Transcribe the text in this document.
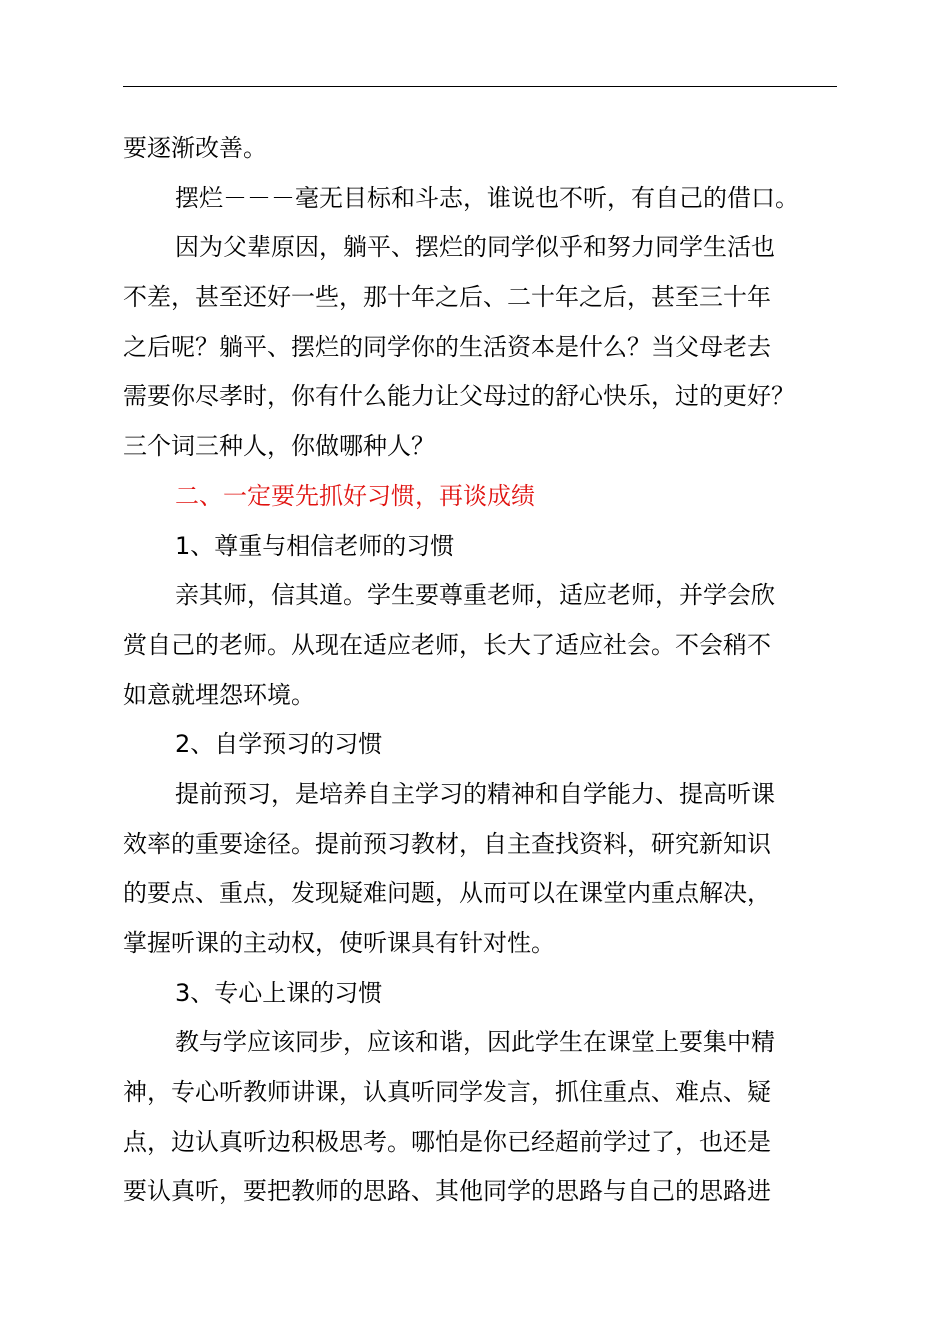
要逐渐改善。
摆烂－－－毫无目标和斗志，谁说也不听，有自己的借口。
因为父辈原因，躺平、摆烂的同学似乎和努力同学生活也
不差，甚至还好一些，那十年之后、二十年之后，甚至三十年
之后呢？躺平、摆烂的同学你的生活资本是什么？当父母老去
需要你尽孝时，你有什么能力让父母过的舒心快乐，过的更好？
三个词三种人，你做哪种人？
二、一定要先抓好习惯，再谈成绩
1、尊重与相信老师的习惯
亲其师，信其道。学生要尊重老师，适应老师，并学会欣
赏自己的老师。从现在适应老师，长大了适应社会。不会稍不
如意就埋怨环境。
2、自学预习的习惯
提前预习，是培养自主学习的精神和自学能力、提高听课
效率的重要途径。提前预习教材，自主查找资料，研究新知识
的要点、重点，发现疑难问题，从而可以在课堂内重点解决，
掌握听课的主动权，使听课具有针对性。
3、专心上课的习惯
教与学应该同步，应该和谐，因此学生在课堂上要集中精
神，专心听教师讲课，认真听同学发言，抓住重点、难点、疑
点，边认真听边积极思考。哪怕是你已经超前学过了，也还是
要认真听，要把教师的思路、其他同学的思路与自己的思路进
